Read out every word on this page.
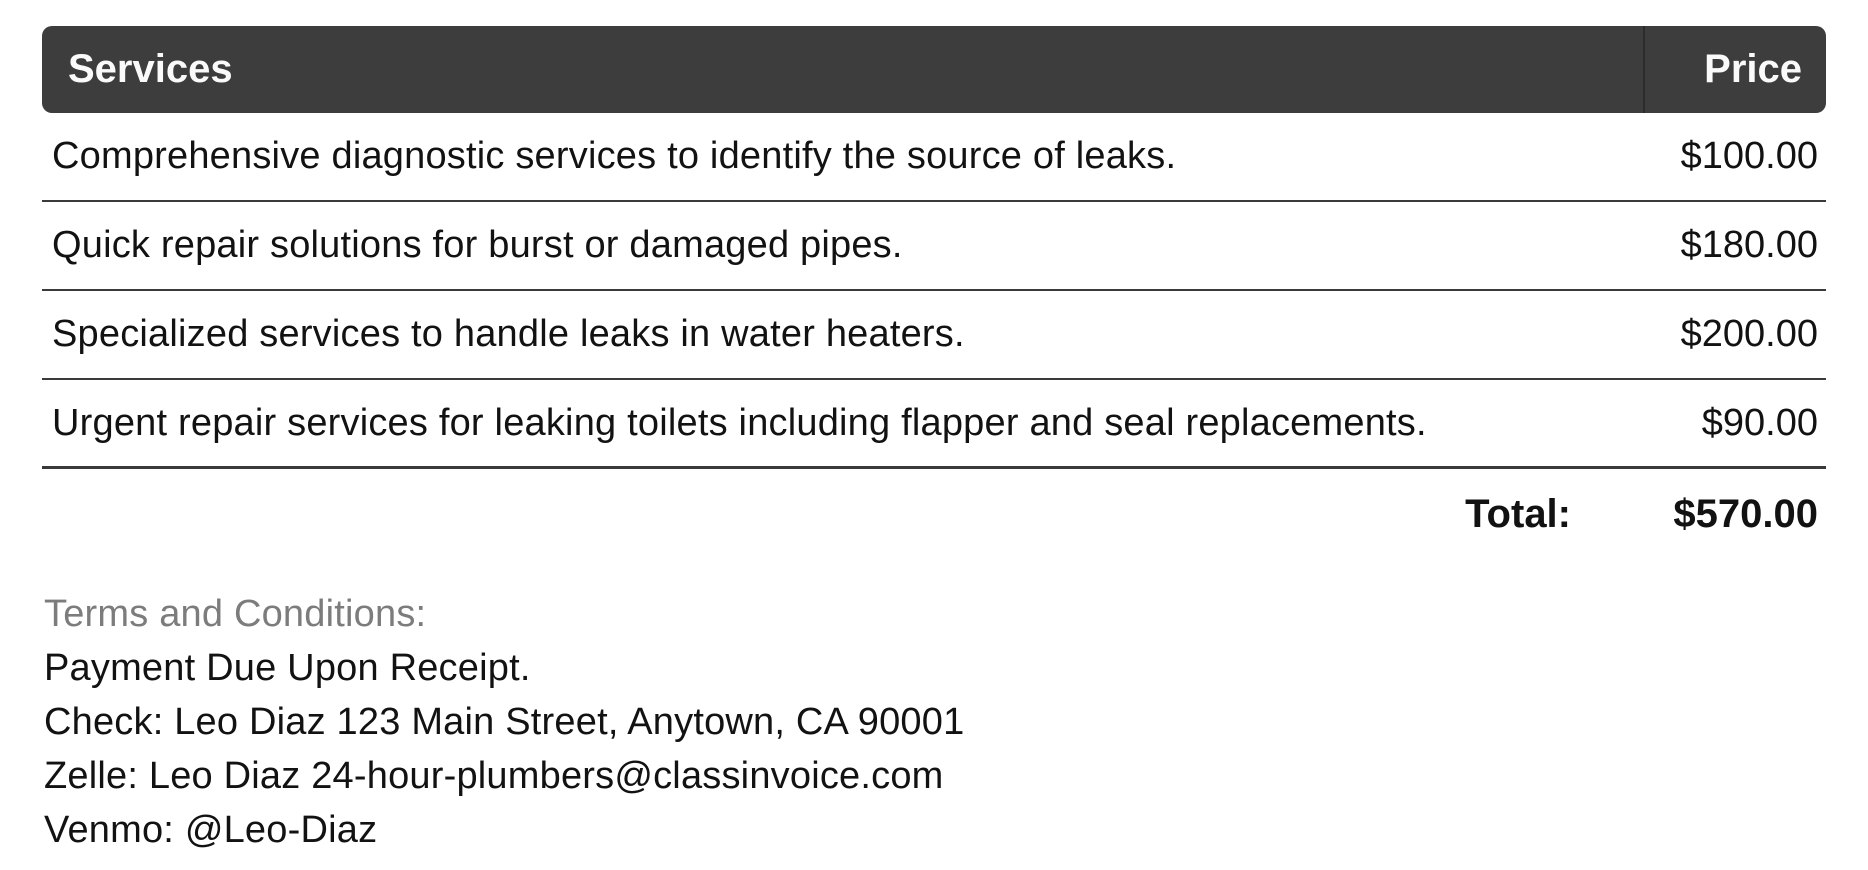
Services	Price
Comprehensive diagnostic services to identify the source of leaks.	$100.00
Quick repair solutions for burst or damaged pipes.	$180.00
Specialized services to handle leaks in water heaters.	$200.00
Urgent repair services for leaking toilets including flapper and seal replacements.	$90.00
Total:	$570.00
Terms and Conditions:
Payment Due Upon Receipt.
Check: Leo Diaz 123 Main Street, Anytown, CA 90001
Zelle: Leo Diaz 24-hour-plumbers@classinvoice.com
Venmo: @Leo-Diaz
